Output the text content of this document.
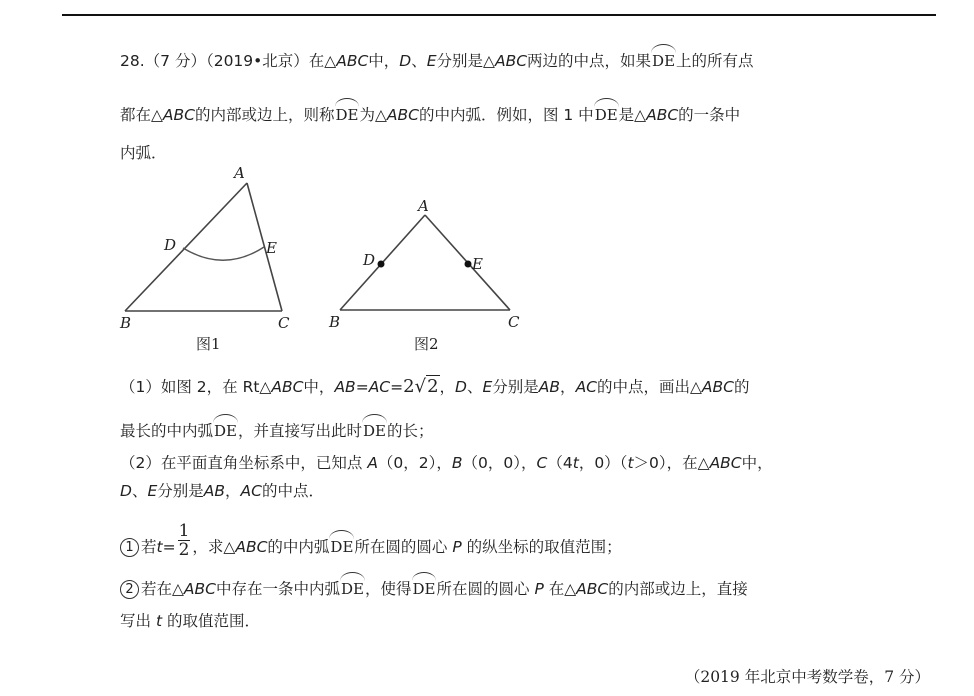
28.（7 分）（2019•北京）在△ABC中，D、E分别是△ABC两边的中点，如果DE上的所有点
都在△ABC的内部或边上，则称DE为△ABC的中内弧．例如，图 1 中DE是△ABC的一条中
内弧．
A
D	E
B	C
图1
A
D	E
B	C
图2
（1）如图 2，在 Rt△ABC中，AB=AC=2√2，D、E分别是AB，AC的中点，画出△ABC的
最长的中内弧DE，并直接写出此时DE的长；
（2）在平面直角坐标系中，已知点 A（0，2），B（0，0），C（4t，0）（t＞0），在△ABC中，
D、E分别是AB，AC的中点．
1 若$t= \frac{1}{2}$ ，求△ABC的中内弧DE所在圆的圆心 P 的纵坐标的取值范围；
2 若在△ABC中存在一条中内弧DE，使得DE所在圆的圆心 P 在△ABC的内部或边上，直接
写出 t 的取值范围．
（2019 年北京中考数学卷，7 分）
